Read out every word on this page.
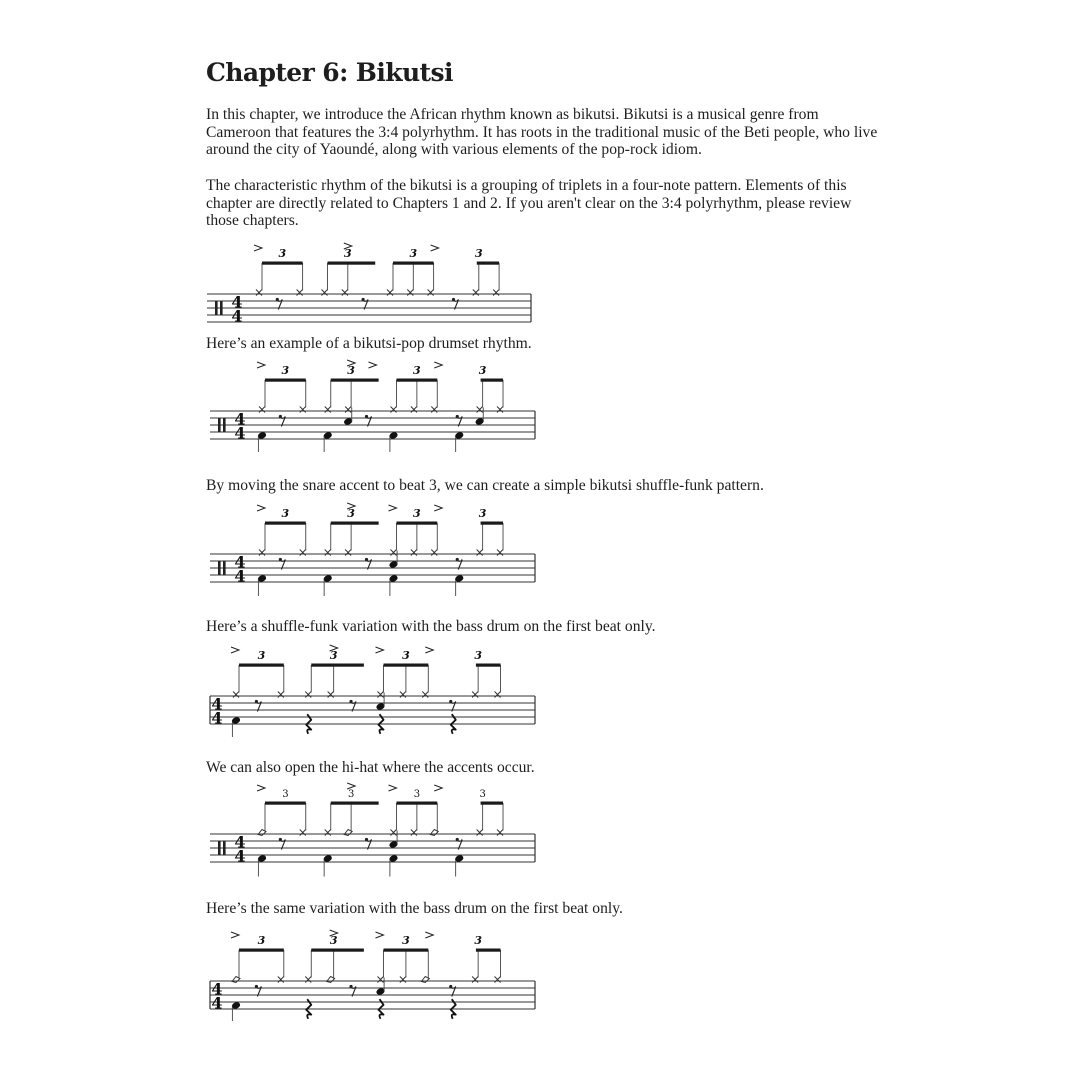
Chapter 6: Bikutsi

In this chapter, we introduce the African rhythm known as bikutsi. Bikutsi is a musical genre from Cameroon that features the 3:4 polyrhythm. It has roots in the traditional music of the Beti people, who live around the city of Yaoundé, along with various elements of the pop-rock idiom.

The characteristic rhythm of the bikutsi is a grouping of triplets in a four-note pattern. Elements of this chapter are directly related to Chapters 1 and 2. If you aren't clear on the 3:4 polyrhythm, please review those chapters.

4
4
3	3	3	3

Here’s an example of a bikutsi-pop drumset rhythm.

4
4
3	3	3	3

By moving the snare accent to beat 3, we can create a simple bikutsi shuffle-funk pattern.

4
4
3	3	3	3

Here’s a shuffle-funk variation with the bass drum on the first beat only.

4
4
3	3	3	3

We can also open the hi-hat where the accents occur.

4
4
3	3	3	3

Here’s the same variation with the bass drum on the first beat only.

4
4
3	3	3	3
